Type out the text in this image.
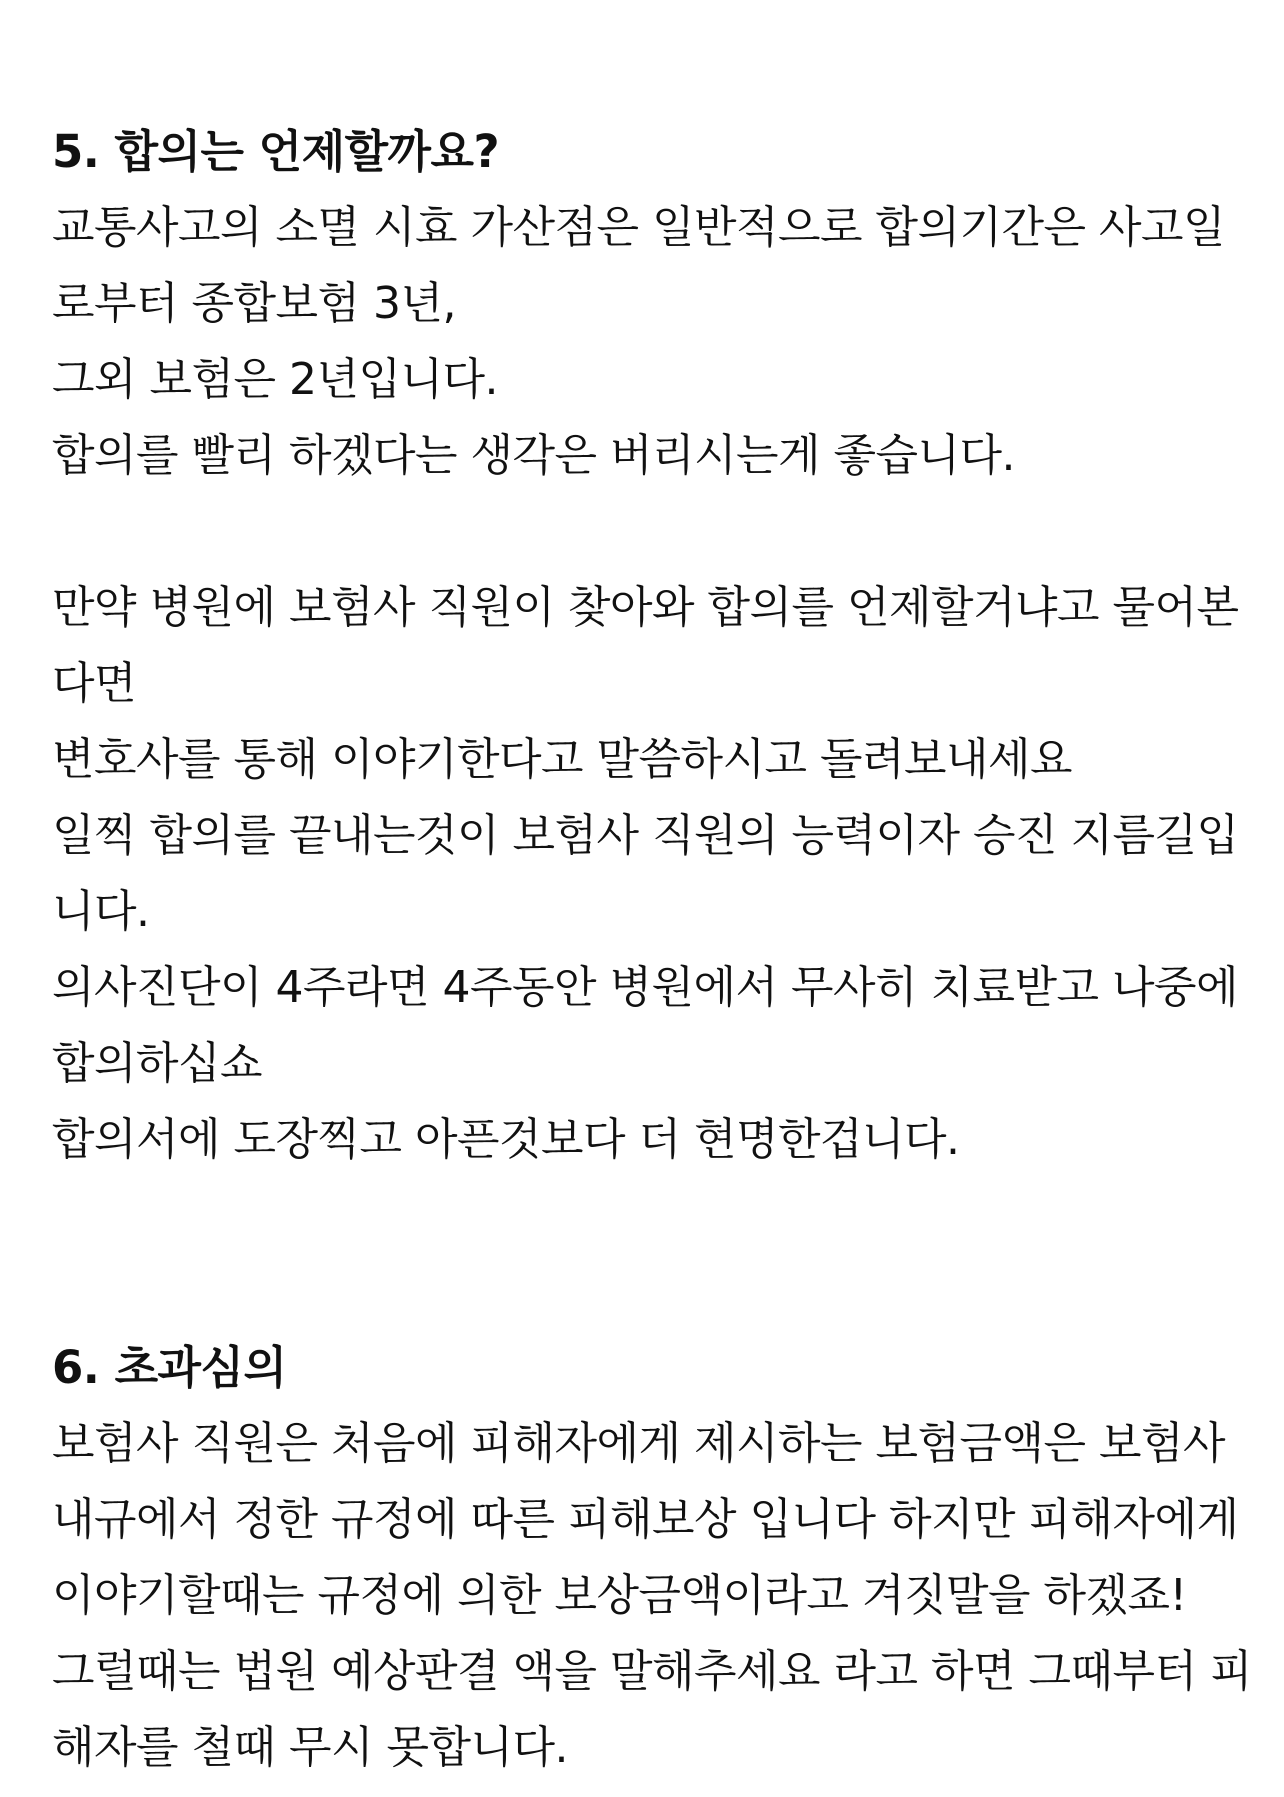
5. 합의는 언제할까요?
교통사고의 소멸 시효 가산점은 일반적으로 합의기간은 사고일
로부터 종합보험 3년,
그외 보험은 2년입니다.
합의를 빨리 하겠다는 생각은 버리시는게 좋습니다.
만약 병원에 보험사 직원이 찾아와 합의를 언제할거냐고 물어본
다면
변호사를 통해 이야기한다고 말씀하시고 돌려보내세요
일찍 합의를 끝내는것이 보험사 직원의 능력이자 승진 지름길입
니다.
의사진단이 4주라면 4주동안 병원에서 무사히 치료받고 나중에
합의하십쇼
합의서에 도장찍고 아픈것보다 더 현명한겁니다.
6. 초과심의
보험사 직원은 처음에 피해자에게 제시하는 보험금액은 보험사
내규에서 정한 규정에 따른 피해보상 입니다 하지만 피해자에게
이야기할때는 규정에 의한 보상금액이라고 겨짓말을 하겠죠!
그럴때는 법원 예상판결 액을 말해추세요 라고 하면 그때부터 피
해자를 철때 무시 못합니다.
